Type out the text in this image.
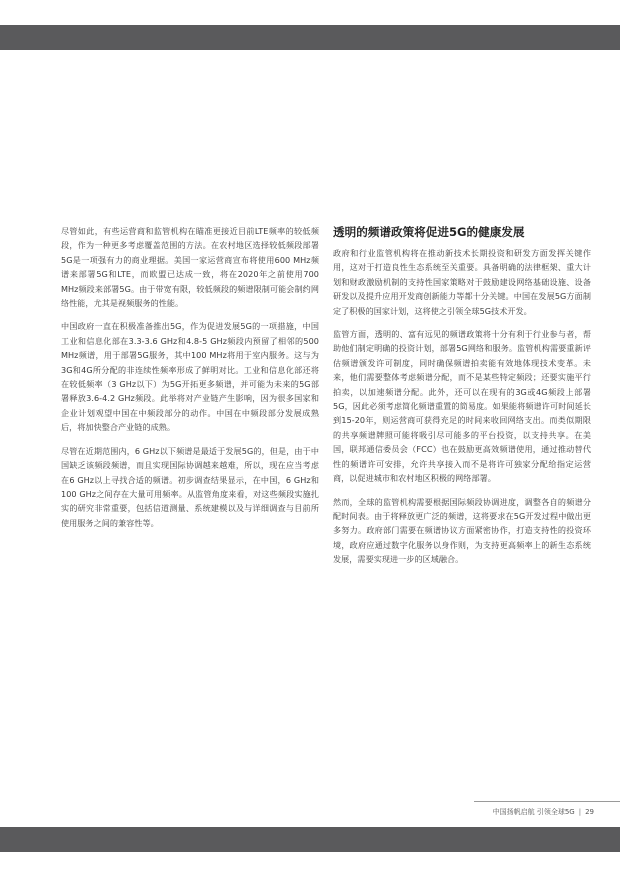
尽管如此，有些运营商和监管机构在瞄准更接近目前LTE频率的较低频段，作为一种更多考虑覆盖范围的方法。在农村地区选择较低频段部署5G是一项强有力的商业理据。美国一家运营商宣布将使用600 MHz频谱来部署5G和LTE，而欧盟已达成一致，将在2020年之前使用700 MHz频段来部署5G。由于带宽有限，较低频段的频谱限制可能会制约网络性能，尤其是视频服务的性能。

中国政府一直在积极准备推出5G，作为促进发展5G的一项措施，中国工业和信息化部在3.3-3.6 GHz和4.8-5 GHz频段内预留了相邻的500 MHz频谱，用于部署5G服务，其中100 MHz将用于室内服务。这与为3G和4G所分配的非连续性频率形成了鲜明对比。工业和信息化部还将在较低频率（3 GHz以下）为5G开拓更多频谱，并可能为未来的5G部署释放3.6-4.2 GHz频段。此举将对产业链产生影响，因为很多国家和企业计划观望中国在中频段部分的动作。中国在中频段部分发展成熟后，将加快整合产业链的成熟。

尽管在近期范围内，6 GHz以下频谱是最适于发展5G的，但是，由于中国缺乏该频段频谱，而且实现国际协调越来越难，所以，现在应当考虑在6 GHz以上寻找合适的频谱。初步调查结果显示，在中国，6 GHz和100 GHz之间存在大量可用频率。从监管角度来看，对这些频段实施扎实的研究非常重要，包括信道测量、系统建模以及与详细调查与目前所使用服务之间的兼容性等。

透明的频谱政策将促进5G的健康发展

政府和行业监管机构将在推动新技术长期投资和研发方面发挥关键作用，这对于打造良性生态系统至关重要。具备明确的法律框架、重大计划和财政激励机制的支持性国家策略对于鼓励建设网络基础设施、设备研发以及提升应用开发商创新能力等都十分关键。中国在发展5G方面制定了积极的国家计划，这将使之引领全球5G技术开发。

监管方面，透明的、富有远见的频谱政策将十分有利于行业参与者，帮助他们制定明确的投资计划，部署5G网络和服务。监管机构需要重新评估频谱颁发许可制度，同时确保频谱拍卖能有效地体现技术变革。未来，他们需要整体考虑频谱分配，而不是某些特定频段；还要实施平行拍卖，以加速频谱分配。此外，还可以在现有的3G或4G频段上部署5G，因此必须考虑简化频谱重置的简易度。如果能将频谱许可时间延长到15-20年，则运营商可获得充足的时间来收回网络支出。而类似期限的共享频谱牌照可能将吸引尽可能多的平台投资，以支持共享。在美国，联邦通信委员会（FCC）也在鼓励更高效频谱使用，通过推动替代性的频谱许可安排，允许共享接入而不是将许可独家分配给指定运营商，以促进城市和农村地区积极的网络部署。

然而，全球的监管机构需要根据国际频段协调进度，调整各自的频谱分配时间表。由于将释放更广泛的频谱，这将要求在5G开发过程中做出更多努力。政府部门需要在频谱协议方面紧密协作，打造支持性的投资环境，政府应通过数字化服务以身作则，为支持更高频率上的新生态系统发展，需要实现进一步的区域融合。

中国扬帆启航 引领全球5G | 29
